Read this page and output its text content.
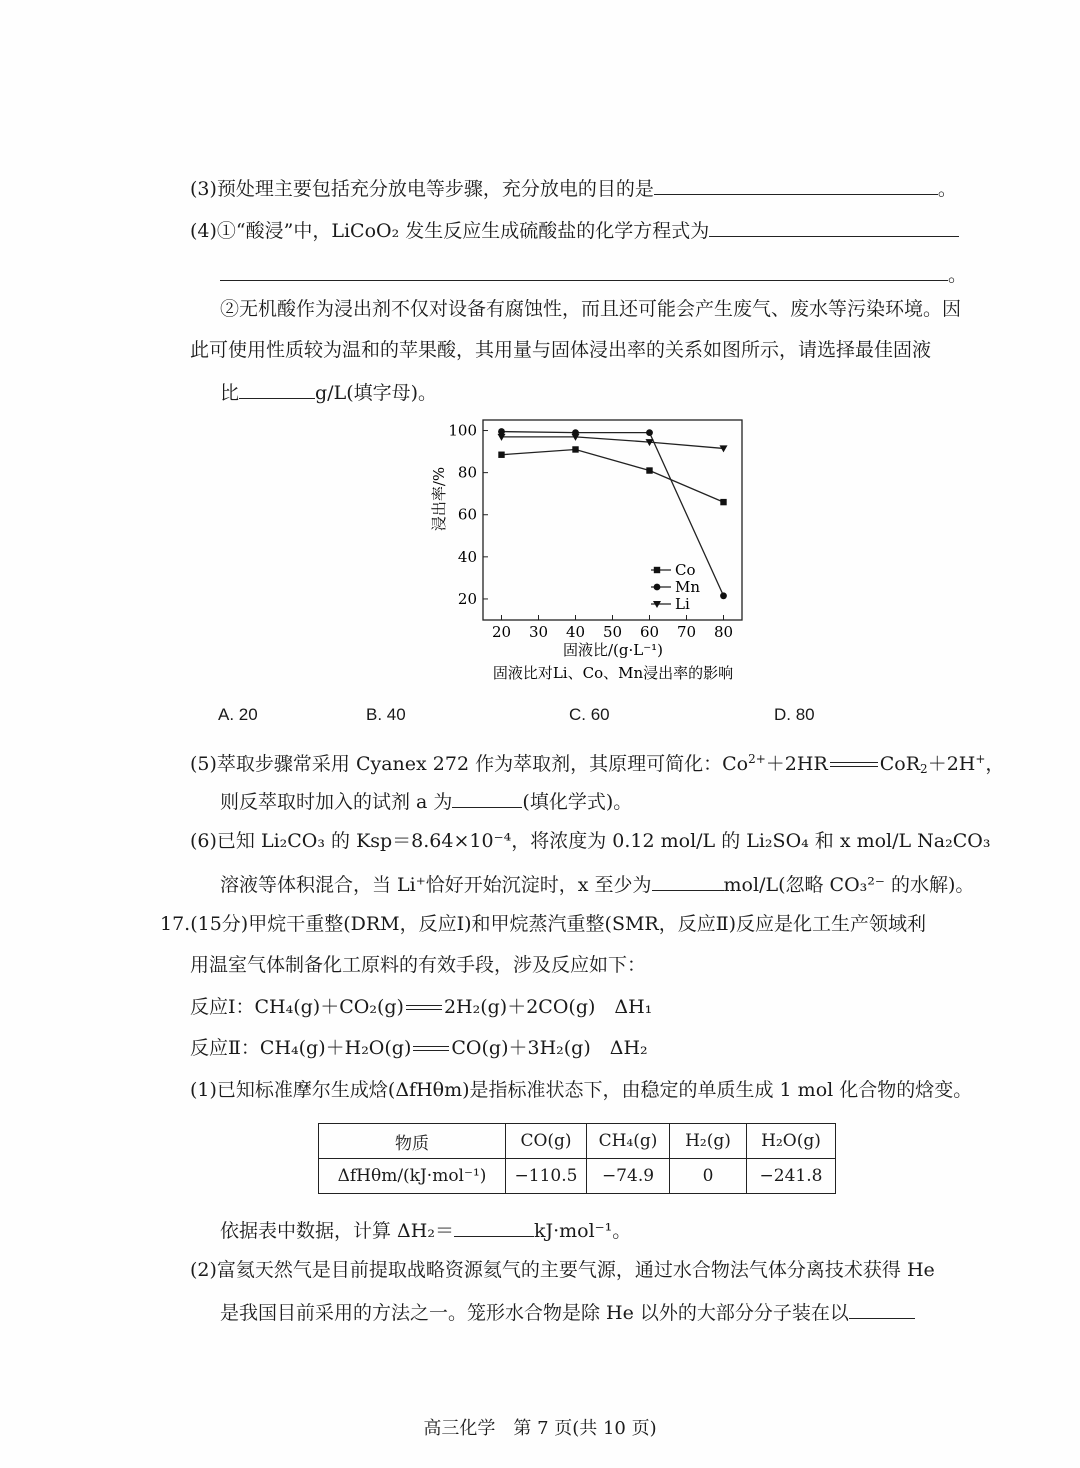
(3)预处理主要包括充分放电等步骤，充分放电的目的是	。
(4)①“酸浸”中，LiCoO₂ 发生反应生成硫酸盐的化学方程式为
。
②无机酸作为浸出剂不仅对设备有腐蚀性，而且还可能会产生废气、废水等污染环境。因
此可使用性质较为温和的苹果酸，其用量与固体浸出率的关系如图所示，请选择最佳固液
比	g/L(填字母)。
20 30 40 50 60 70 80
20
40
60
80
100
Co
Mn
Li
浸出率/%
固液比/(g·L⁻¹)
固液比对Li、Co、Mn浸出率的影响
A. 20	B. 40	C. 60	D. 80
(5)萃取步骤常采用 Cyanex 272 作为萃取剂，其原理可简化：$Co^{2+}+2HR$	CoR$_2$＋2H+，
则反萃取时加入的试剂 a 为	(填化学式)。
(6)已知 Li₂CO₃ 的 Ksp＝8.64×10⁻⁴，将浓度为 0.12 mol/L 的 Li₂SO₄ 和 x mol/L Na₂CO₃
溶液等体积混合，当 Li⁺恰好开始沉淀时，x 至少为	mol/L(忽略 CO₃²⁻ 的水解)。
17.(15分)甲烷干重整(DRM，反应Ⅰ)和甲烷蒸汽重整(SMR，反应Ⅱ)反应是化工生产领域利
用温室气体制备化工原料的有效手段，涉及反应如下：
反应Ⅰ：CH₄(g)＋CO₂(g) 2H₂(g)＋2CO(g)　ΔH₁
反应Ⅱ：CH₄(g)＋H₂O(g) CO(g)＋3H₂(g)　ΔH₂
(1)已知标准摩尔生成焓(ΔfHθm)是指标准状态下，由稳定的单质生成 1 mol 化合物的焓变。
物质	CO(g)	CH₄(g)	H₂(g)	H₂O(g)
ΔfHθm/(kJ·mol⁻¹)	−110.5	−74.9	0	−241.8
依据表中数据，计算 ΔH₂＝	kJ·mol⁻¹。
(2)富氦天然气是目前提取战略资源氦气的主要气源，通过水合物法气体分离技术获得 He
是我国目前采用的方法之一。笼形水合物是除 He 以外的大部分分子装在以
高三化学　第 7 页(共 10 页)
